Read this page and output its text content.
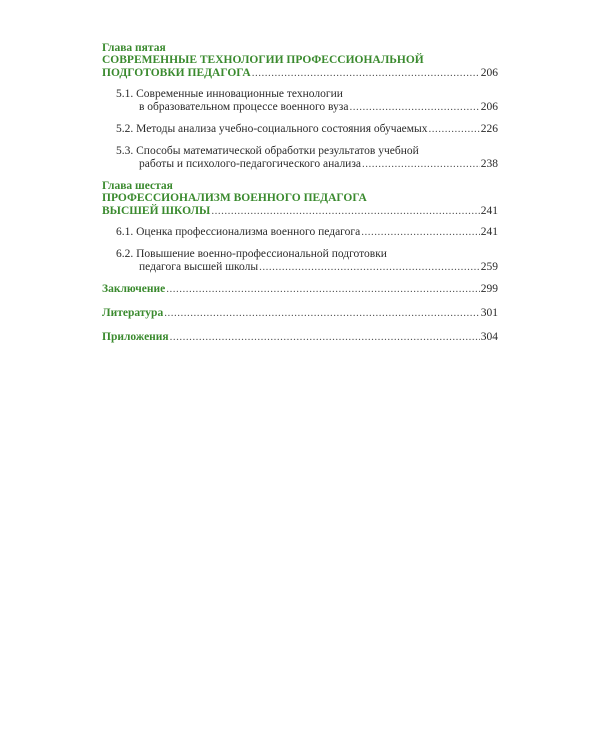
Глава пятая
СОВРЕМЕННЫЕ ТЕХНОЛОГИИ ПРОФЕССИОНАЛЬНОЙ
ПОДГОТОВКИ ПЕДАГОГА .....	206
5.1. Современные инновационные технологии
в образовательном процессе военного вуза .....	206
5.2. Методы анализа учебно-социального состояния обучаемых .....	226
5.3. Способы математической обработки результатов учебной
работы и психолого-педагогического анализа .....	238
Глава шестая
ПРОФЕССИОНАЛИЗМ ВОЕННОГО ПЕДАГОГА
ВЫСШЕЙ ШКОЛЫ .....	241
6.1. Оценка профессионализма военного педагога .....	241
6.2. Повышение военно-профессиональной подготовки
педагога высшей школы .....	259
Заключение .....	299
Литература .....	301
Приложения .....	304
